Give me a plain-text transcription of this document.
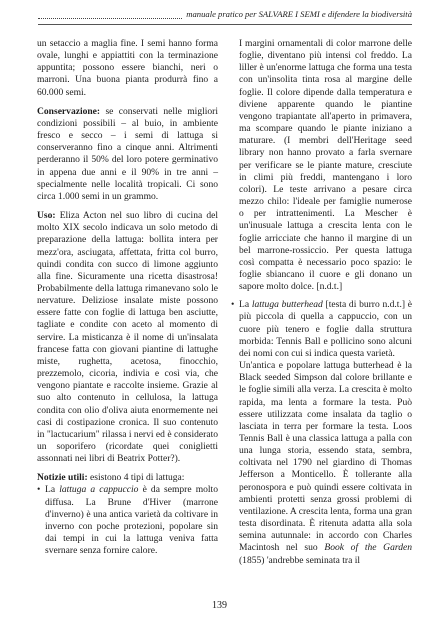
manuale pratico per SALVARE I SEMI e difendere la biodiversità

un setaccio a maglia fine. I semi hanno forma ovale, lunghi e appiattiti con la terminazione appuntita; possono essere bianchi, neri o marroni. Una buona pianta produrrà fino a 60.000 semi.

Conservazione: se conservati nelle migliori condizioni possibili – al buio, in ambiente fresco e secco – i semi di lattuga si conserveranno fino a cinque anni. Altrimenti perderanno il 50% del loro potere germinativo in appena due anni e il 90% in tre anni – specialmente nelle località tropicali. Ci sono circa 1.000 semi in un grammo.

Uso: Eliza Acton nel suo libro di cucina del molto XIX secolo indicava un solo metodo di preparazione della lattuga: bollita intera per mezz'ora, asciugata, affettata, fritta col burro, quindi condita con succo di limone aggiunto alla fine. Sicuramente una ricetta disastrosa! Probabilmente della lattuga rimanevano solo le nervature. Deliziose insalate miste possono essere fatte con foglie di lattuga ben asciutte, tagliate e condite con aceto al momento di servire. La misticanza è il nome di un'insalata francese fatta con giovani piantine di lattughe miste, rughetta, acetosa, finocchio, prezzemolo, cicoria, indivia e così via, che vengono piantate e raccolte insieme. Grazie al suo alto contenuto in cellulosa, la lattuga condita con olio d'oliva aiuta enormemente nei casi di costipazione cronica. Il suo contenuto in "lactucarium" rilassa i nervi ed è considerato un soporifero (ricordate quei coniglietti assonnati nei libri di Beatrix Potter?).

Notizie utili: esistono 4 tipi di lattuga:

• La lattuga a cappuccio è da sempre molto diffusa. La Brune d'Hiver (marrone d'inverno) è una antica varietà da coltivare in inverno con poche protezioni, popolare sin dai tempi in cui la lattuga veniva fatta svernare senza fornire calore.

I margini ornamentali di color marrone delle foglie, diventano più intensi col freddo. La liller è un'enorme lattuga che forma una testa con un'insolita tinta rosa al margine delle foglie. Il colore dipende dalla temperatura e diviene apparente quando le piantine vengono trapiantate all'aperto in primavera, ma scompare quando le piante iniziano a maturare. (I membri dell'Heritage seed library non hanno provato a farla svernare per verificare se le piante mature, cresciute in climi più freddi, mantengano i loro colori). Le teste arrivano a pesare circa mezzo chilo: l'ideale per famiglie numerose o per intrattenimenti. La Mescher è un'inusuale lattuga a crescita lenta con le foglie arricciate che hanno il margine di un bel marrone-rossiccio. Per questa lattuga così compatta è necessario poco spazio: le foglie sbiancano il cuore e gli donano un sapore molto dolce. [n.d.t.]

• La lattuga butterhead [testa di burro n.d.t.] è più piccola di quella a cappuccio, con un cuore più tenero e foglie dalla struttura morbida: Tennis Ball e pollicino sono alcuni dei nomi con cui si indica questa varietà.

Un'antica e popolare lattuga butterhead è la Black seeded Simpson dal colore brillante e le foglie simili alla verza. La crescita è molto rapida, ma lenta a formare la testa. Può essere utilizzata come insalata da taglio o lasciata in terra per formare la testa. Loos Tennis Ball è una classica lattuga a palla con una lunga storia, essendo stata, sembra, coltivata nel 1790 nel giardino di Thomas Jefferson a Monticello. È tollerante alla peronospora e può quindi essere coltivata in ambienti protetti senza grossi problemi di ventilazione. A crescita lenta, forma una gran testa disordinata. È ritenuta adatta alla sola semina autunnale: in accordo con Charles Macintosh nel suo Book of the Garden (1855) 'andrebbe seminata tra il

139
